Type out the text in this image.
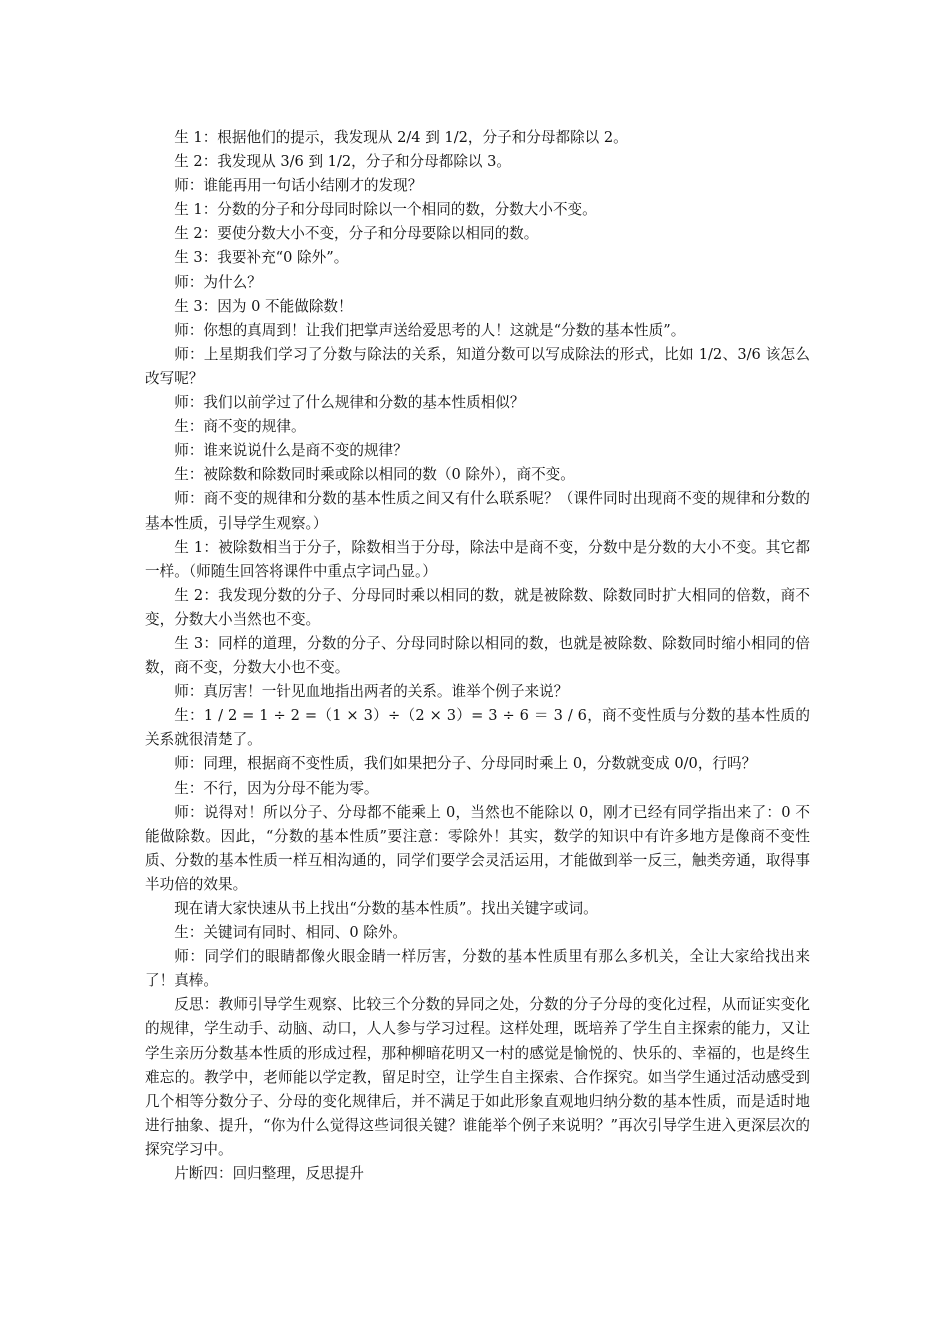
生 1：根据他们的提示，我发现从 2/4 到 1/2，分子和分母都除以 2。

生 2：我发现从 3/6 到 1/2，分子和分母都除以 3。

师：谁能再用一句话小结刚才的发现？

生 1：分数的分子和分母同时除以一个相同的数，分数大小不变。

生 2：要使分数大小不变，分子和分母要除以相同的数。

生 3：我要补充“0 除外”。

师：为什么？

生 3：因为 0 不能做除数！

师：你想的真周到！让我们把掌声送给爱思考的人！这就是“分数的基本性质”。

师：上星期我们学习了分数与除法的关系，知道分数可以写成除法的形式，比如 1/2、3/6 该怎么改写呢？

师：我们以前学过了什么规律和分数的基本性质相似？

生：商不变的规律。

师：谁来说说什么是商不变的规律？

生：被除数和除数同时乘或除以相同的数（0 除外），商不变。

师：商不变的规律和分数的基本性质之间又有什么联系呢？（课件同时出现商不变的规律和分数的基本性质，引导学生观察。）

生 1：被除数相当于分子，除数相当于分母，除法中是商不变，分数中是分数的大小不变。其它都一样。（师随生回答将课件中重点字词凸显。）

生 2：我发现分数的分子、分母同时乘以相同的数，就是被除数、除数同时扩大相同的倍数，商不变，分数大小当然也不变。

生 3：同样的道理，分数的分子、分母同时除以相同的数，也就是被除数、除数同时缩小相同的倍数，商不变，分数大小也不变。

师：真厉害！一针见血地指出两者的关系。谁举个例子来说？

生：1 / 2 = 1 ÷ 2 =（1 × 3）÷（2 × 3）= 3 ÷ 6 ＝ 3 / 6，商不变性质与分数的基本性质的关系就很清楚了。

师：同理，根据商不变性质，我们如果把分子、分母同时乘上 0，分数就变成 0/0，行吗？

生：不行，因为分母不能为零。

师：说得对！所以分子、分母都不能乘上 0，当然也不能除以 0，刚才已经有同学指出来了：0 不能做除数。因此，“分数的基本性质”要注意：零除外！其实，数学的知识中有许多地方是像商不变性质、分数的基本性质一样互相沟通的，同学们要学会灵活运用，才能做到举一反三，触类旁通，取得事半功倍的效果。

现在请大家快速从书上找出“分数的基本性质”。找出关键字或词。

生：关键词有同时、相同、0 除外。

师：同学们的眼睛都像火眼金睛一样厉害，分数的基本性质里有那么多机关，全让大家给找出来了！真棒。

反思：教师引导学生观察、比较三个分数的异同之处，分数的分子分母的变化过程，从而证实变化的规律，学生动手、动脑、动口，人人参与学习过程。这样处理，既培养了学生自主探索的能力，又让学生亲历分数基本性质的形成过程，那种柳暗花明又一村的感觉是愉悦的、快乐的、幸福的，也是终生难忘的。教学中，老师能以学定教，留足时空，让学生自主探索、合作探究。如当学生通过活动感受到几个相等分数分子、分母的变化规律后，并不满足于如此形象直观地归纳分数的基本性质，而是适时地进行抽象、提升，“你为什么觉得这些词很关键？谁能举个例子来说明？”再次引导学生进入更深层次的探究学习中。

片断四：回归整理，反思提升
